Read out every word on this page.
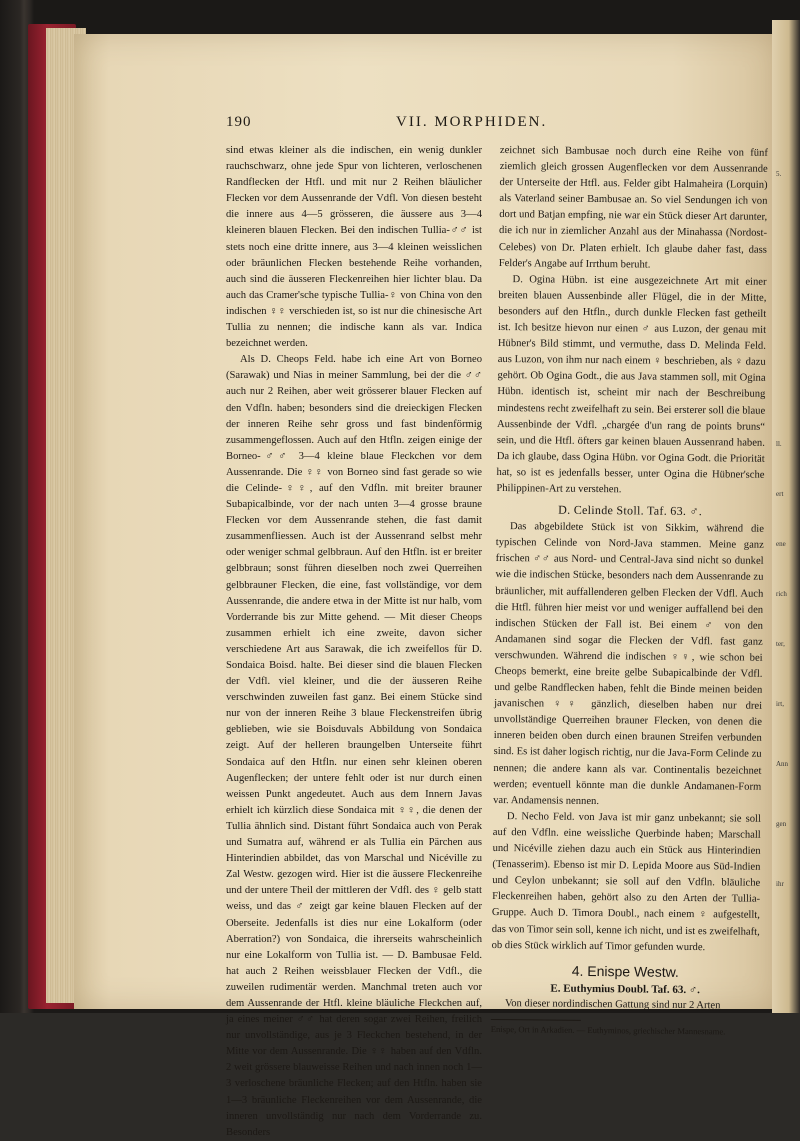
5.
ll.
ert
ene
rich
ter,
irt,
Ann
gen
ihr
190	VII. MORPHIDEN.

sind etwas kleiner als die indischen, ein wenig dunkler rauchschwarz, ohne jede Spur von lichteren, verloschenen Randflecken der Htfl. und mit nur 2 Reihen bläulicher Flecken vor dem Aussenrande der Vdfl. Von diesen besteht die innere aus 4—5 grösseren, die äussere aus 3—4 kleineren blauen Flecken. Bei den indischen Tullia-♂♂ ist stets noch eine dritte innere, aus 3—4 kleinen weisslichen oder bräunlichen Flecken bestehende Reihe vorhanden, auch sind die äusseren Fleckenreihen hier lichter blau. Da auch das Cramer'sche typische Tullia-♀ von China von den indischen ♀♀ verschieden ist, so ist nur die chinesische Art Tullia zu nennen; die indische kann als var. Indica bezeichnet werden.

Als D. Cheops Feld. habe ich eine Art von Borneo (Sarawak) und Nias in meiner Sammlung, bei der die ♂♂ auch nur 2 Reihen, aber weit grösserer blauer Flecken auf den Vdfln. haben; besonders sind die dreieckigen Flecken der inneren Reihe sehr gross und fast bindenförmig zusammengeflossen. Auch auf den Htfln. zeigen einige der Borneo-♂♂ 3—4 kleine blaue Fleckchen vor dem Aussenrande. Die ♀♀ von Borneo sind fast gerade so wie die Celinde-♀♀, auf den Vdfln. mit breiter brauner Subapicalbinde, vor der nach unten 3—4 grosse braune Flecken vor dem Aussenrande stehen, die fast damit zusammenfliessen. Auch ist der Aussenrand selbst mehr oder weniger schmal gelbbraun. Auf den Htfln. ist er breiter gelbbraun; sonst führen dieselben noch zwei Querreihen gelbbrauner Flecken, die eine, fast vollständige, vor dem Aussenrande, die andere etwa in der Mitte ist nur halb, vom Vorderrande bis zur Mitte gehend. — Mit dieser Cheops zusammen erhielt ich eine zweite, davon sicher verschiedene Art aus Sarawak, die ich zweifellos für D. Sondaica Boisd. halte. Bei dieser sind die blauen Flecken der Vdfl. viel kleiner, und die der äusseren Reihe verschwinden zuweilen fast ganz. Bei einem Stücke sind nur von der inneren Reihe 3 blaue Fleckenstreifen übrig geblieben, wie sie Boisduvals Abbildung von Sondaica zeigt. Auf der helleren braungelben Unterseite führt Sondaica auf den Htfln. nur einen sehr kleinen oberen Augenflecken; der untere fehlt oder ist nur durch einen weissen Punkt angedeutet. Auch aus dem Innern Javas erhielt ich kürzlich diese Sondaica mit ♀♀, die denen der Tullia ähnlich sind. Distant führt Sondaica auch von Perak und Sumatra auf, während er als Tullia ein Pärchen aus Hinterindien abbildet, das von Marschal und Nicéville zu Zal Westw. gezogen wird. Hier ist die äussere Fleckenreihe und der untere Theil der mittleren der Vdfl. des ♀ gelb statt weiss, und das ♂ zeigt gar keine blauen Flecken auf der Oberseite. Jedenfalls ist dies nur eine Lokalform (oder Aberration?) von Sondaica, die ihrerseits wahrscheinlich nur eine Lokalform von Tullia ist. — D. Bambusae Feld. hat auch 2 Reihen weissblauer Flecken der Vdfl., die zuweilen rudimentär werden. Manchmal treten auch vor dem Aussenrande der Htfl. kleine bläuliche Fleckchen auf, ja eines meiner ♂♂ hat deren sogar zwei Reihen, freilich nur unvollständige, aus je 3 Fleckchen bestehend, in der Mitte vor dem Aussenrande. Die ♀♀ haben auf den Vdfln. 2 weit grössere blauweisse Reihen und nach innen noch 1—3 verloschene bräunliche Flecken; auf den Htfln. haben sie 1—3 bräunliche Fleckenreihen vor dem Aussenrande, die inneren unvollständig nur nach dem Vorderrande zu. Besonders

zeichnet sich Bambusae noch durch eine Reihe von fünf ziemlich gleich grossen Augenflecken vor dem Aussenrande der Unterseite der Htfl. aus. Felder gibt Halmaheira (Lorquin) als Vaterland seiner Bambusae an. So viel Sendungen ich von dort und Batjan empfing, nie war ein Stück dieser Art darunter, die ich nur in ziemlicher Anzahl aus der Minahassa (Nordost-Celebes) von Dr. Platen erhielt. Ich glaube daher fast, dass Felder's Angabe auf Irrthum beruht.

D. Ogina Hübn. ist eine ausgezeichnete Art mit einer breiten blauen Aussenbinde aller Flügel, die in der Mitte, besonders auf den Htfln., durch dunkle Flecken fast getheilt ist. Ich besitze hievon nur einen ♂ aus Luzon, der genau mit Hübner's Bild stimmt, und vermuthe, dass D. Melinda Feld. aus Luzon, von ihm nur nach einem ♀ beschrieben, als ♀ dazu gehört. Ob Ogina Godt., die aus Java stammen soll, mit Ogina Hübn. identisch ist, scheint mir nach der Beschreibung mindestens recht zweifelhaft zu sein. Bei ersterer soll die blaue Aussenbinde der Vdfl. „chargée d'un rang de points bruns“ sein, und die Htfl. öfters gar keinen blauen Aussenrand haben. Da ich glaube, dass Ogina Hübn. vor Ogina Godt. die Priorität hat, so ist es jedenfalls besser, unter Ogina die Hübner'sche Philippinen-Art zu verstehen.

D. Celinde Stoll. Taf. 63. ♂.

Das abgebildete Stück ist von Sikkim, während die typischen Celinde von Nord-Java stammen. Meine ganz frischen ♂♂ aus Nord- und Central-Java sind nicht so dunkel wie die indischen Stücke, besonders nach dem Aussenrande zu bräunlicher, mit auffallenderen gelben Flecken der Vdfl. Auch die Htfl. führen hier meist vor und weniger auffallend bei den indischen Stücken der Fall ist. Bei einem ♂ von den Andamanen sind sogar die Flecken der Vdfl. fast ganz verschwunden. Während die indischen ♀♀, wie schon bei Cheops bemerkt, eine breite gelbe Subapicalbinde der Vdfl. und gelbe Randflecken haben, fehlt die Binde meinen beiden javanischen ♀♀ gänzlich, dieselben haben nur drei unvollständige Querreihen brauner Flecken, von denen die inneren beiden oben durch einen braunen Streifen verbunden sind. Es ist daher logisch richtig, nur die Java-Form Celinde zu nennen; die andere kann als var. Continentalis bezeichnet werden; eventuell könnte man die dunkle Andamanen-Form var. Andamensis nennen.

D. Necho Feld. von Java ist mir ganz unbekannt; sie soll auf den Vdfln. eine weissliche Querbinde haben; Marschall und Nicéville ziehen dazu auch ein Stück aus Hinterindien (Tenasserim). Ebenso ist mir D. Lepida Moore aus Süd-Indien und Ceylon unbekannt; sie soll auf den Vdfln. bläuliche Fleckenreihen haben, gehört also zu den Arten der Tullia-Gruppe. Auch D. Timora Doubl., nach einem ♀ aufgestellt, das von Timor sein soll, kenne ich nicht, und ist es zweifelhaft, ob dies Stück wirklich auf Timor gefunden wurde.

4. Enispe Westw.
E. Euthymius Doubl. Taf. 63. ♂.

Von dieser nordindischen Gattung sind nur 2 Arten

Enispe, Ort in Arkadien. — Euthyminos, griechischer Mannesname.
